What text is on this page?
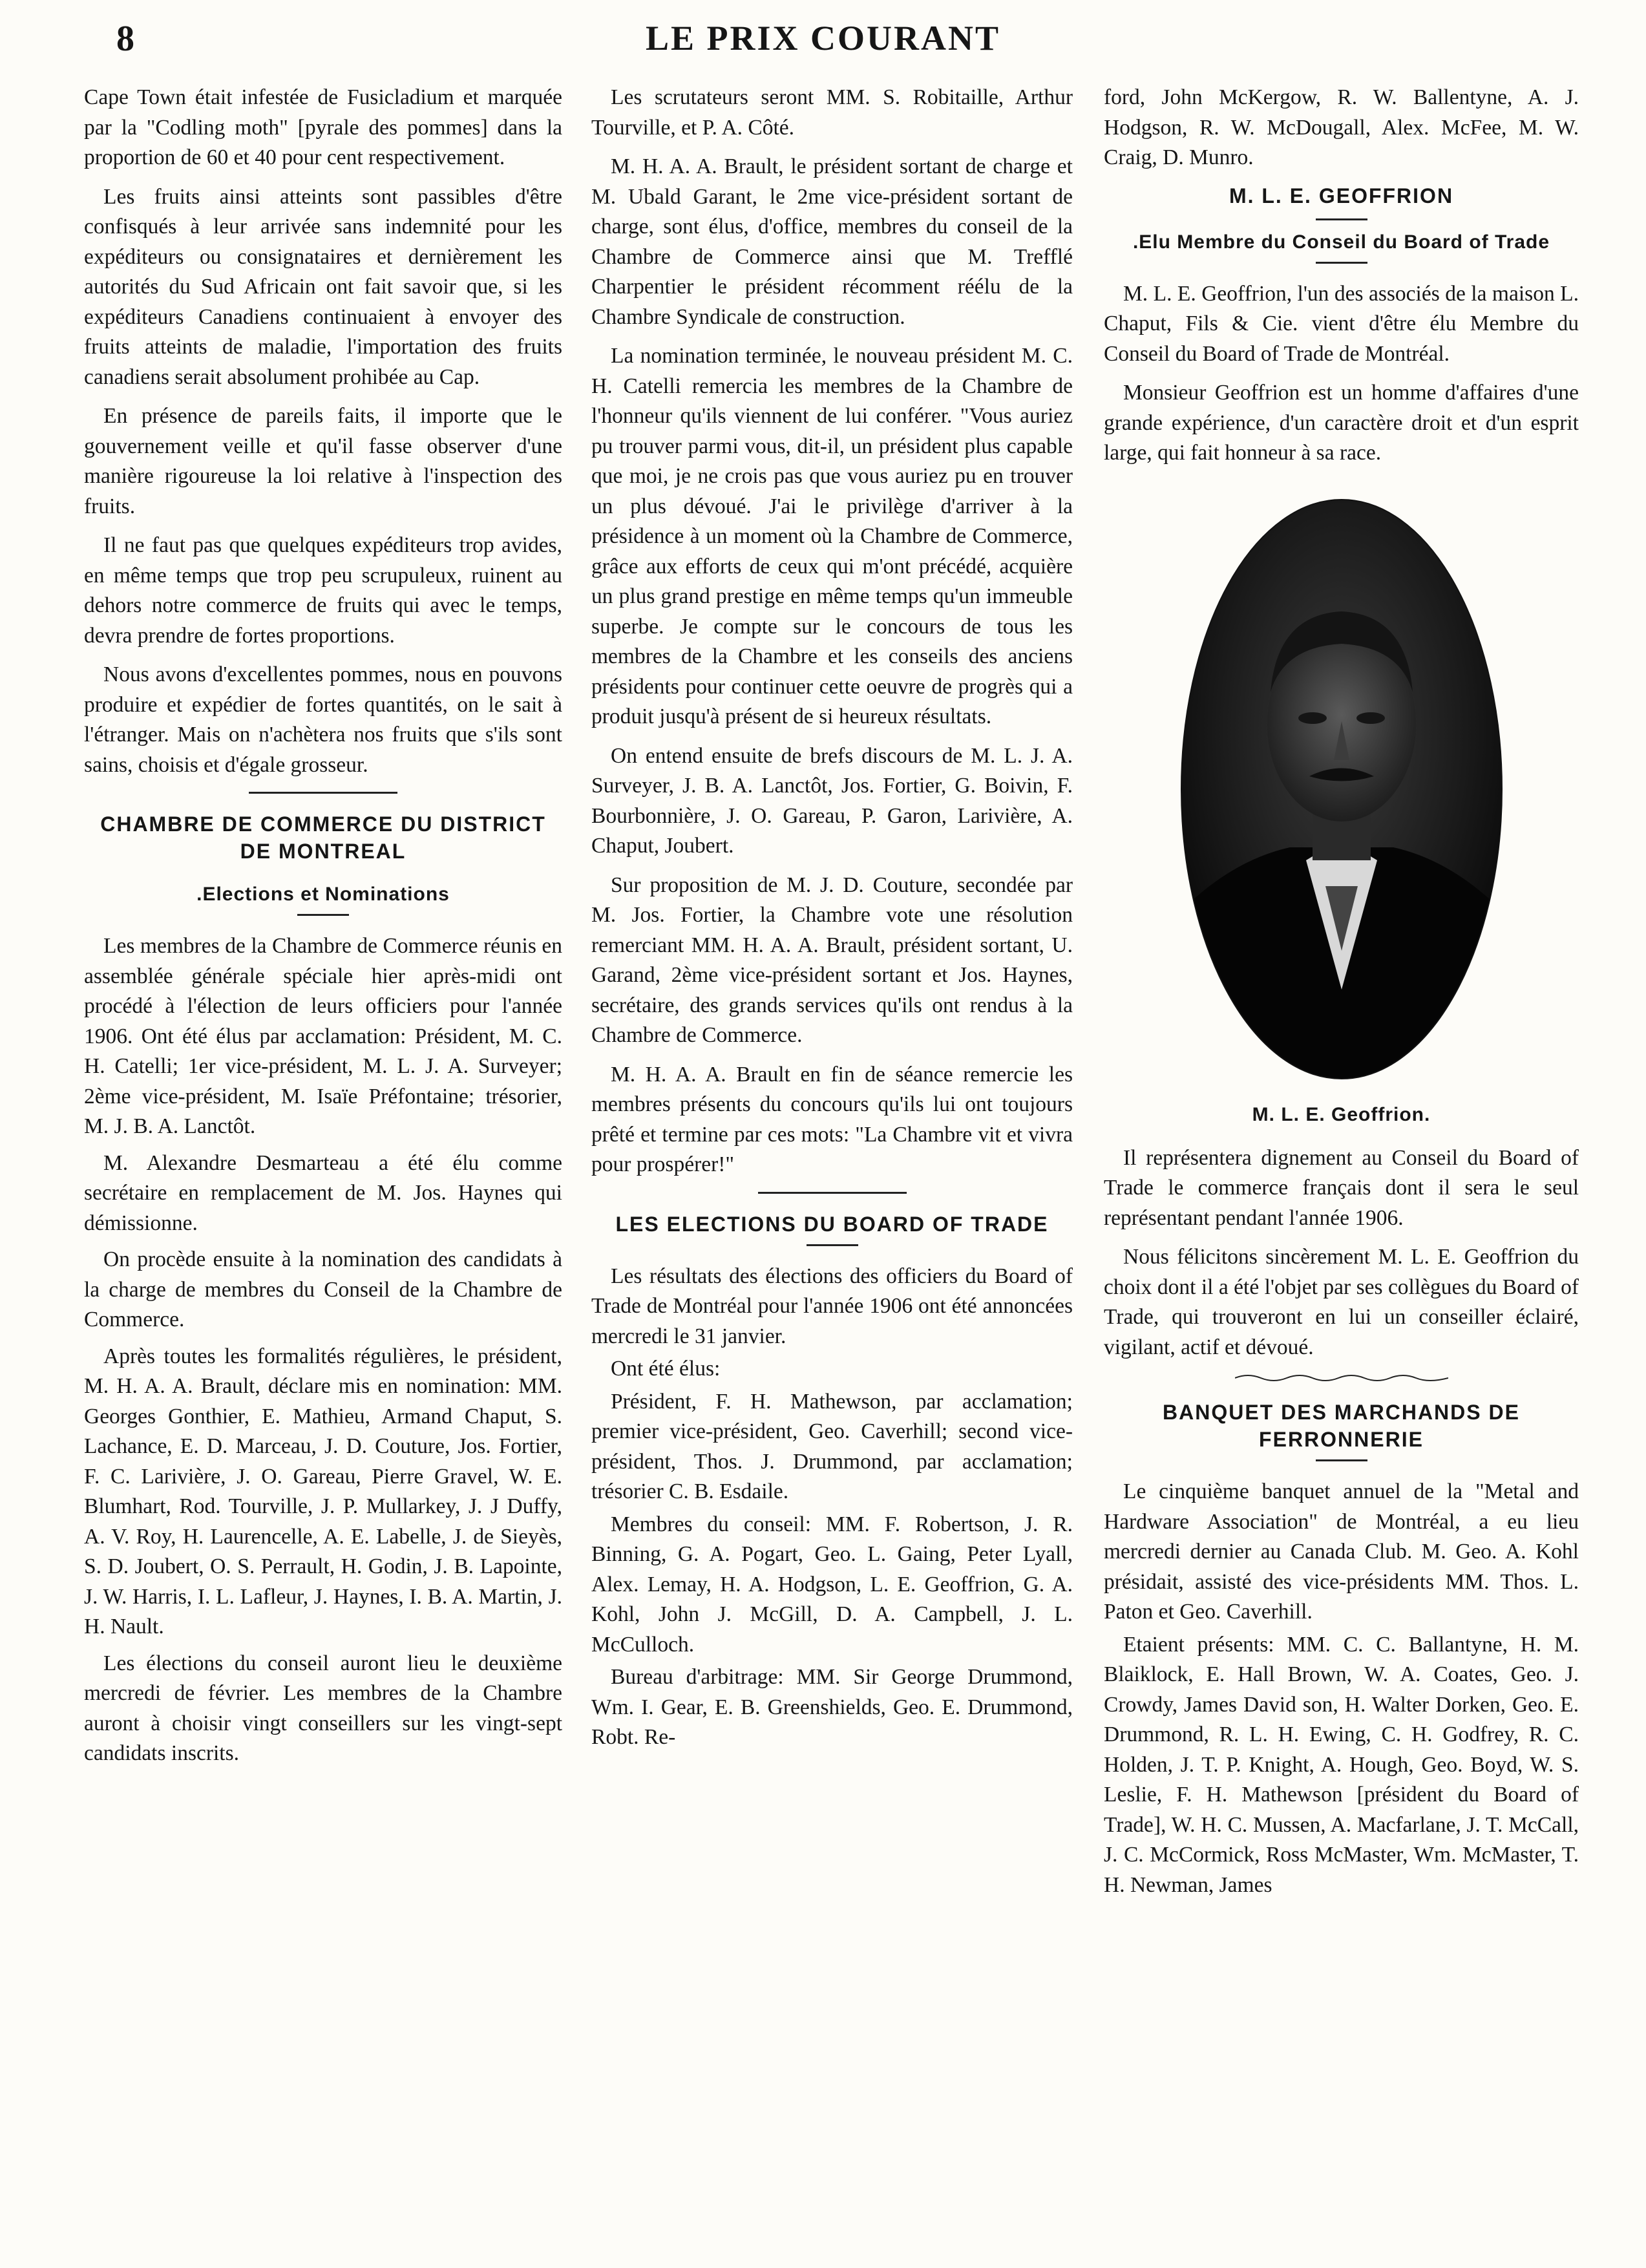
8	LE PRIX COURANT

Cape Town était infestée de Fusicladium et marquée par la "Codling moth" [pyrale des pommes] dans la proportion de 60 et 40 pour cent respectivement.

Les fruits ainsi atteints sont passibles d'être confisqués à leur arrivée sans indemnité pour les expéditeurs ou consignataires et dernièrement les autorités du Sud Africain ont fait savoir que, si les expéditeurs Canadiens continuaient à envoyer des fruits atteints de maladie, l'importation des fruits canadiens serait absolument prohibée au Cap.

En présence de pareils faits, il importe que le gouvernement veille et qu'il fasse observer d'une manière rigoureuse la loi relative à l'inspection des fruits.

Il ne faut pas que quelques expéditeurs trop avides, en même temps que trop peu scrupuleux, ruinent au dehors notre commerce de fruits qui avec le temps, devra prendre de fortes proportions.

Nous avons d'excellentes pommes, nous en pouvons produire et expédier de fortes quantités, on le sait à l'étranger. Mais on n'achètera nos fruits que s'ils sont sains, choisis et d'égale grosseur.

CHAMBRE DE COMMERCE DU DISTRICT DE MONTREAL
.Elections et Nominations

Les membres de la Chambre de Commerce réunis en assemblée générale spéciale hier après-midi ont procédé à l'élection de leurs officiers pour l'année 1906. Ont été élus par acclamation: Président, M. C. H. Catelli; 1er vice-président, M. L. J. A. Surveyer; 2ème vice-président, M. Isaïe Préfontaine; trésorier, M. J. B. A. Lanctôt.

M. Alexandre Desmarteau a été élu comme secrétaire en remplacement de M. Jos. Haynes qui démissionne.

On procède ensuite à la nomination des candidats à la charge de membres du Conseil de la Chambre de Commerce.

Après toutes les formalités régulières, le président, M. H. A. A. Brault, déclare mis en nomination: MM. Georges Gonthier, E. Mathieu, Armand Chaput, S. Lachance, E. D. Marceau, J. D. Couture, Jos. Fortier, F. C. Larivière, J. O. Gareau, Pierre Gravel, W. E. Blumhart, Rod. Tourville, J. P. Mullarkey, J. J Duffy, A. V. Roy, H. Laurencelle, A. E. Labelle, J. de Sieyès, S. D. Joubert, O. S. Perrault, H. Godin, J. B. Lapointe, J. W. Harris, I. L. Lafleur, J. Haynes, I. B. A. Martin, J. H. Nault.

Les élections du conseil auront lieu le deuxième mercredi de février. Les membres de la Chambre auront à choisir vingt conseillers sur les vingt-sept candidats inscrits.

Les scrutateurs seront MM. S. Robitaille, Arthur Tourville, et P. A. Côté.

M. H. A. A. Brault, le président sortant de charge et M. Ubald Garant, le 2me vice-président sortant de charge, sont élus, d'office, membres du conseil de la Chambre de Commerce ainsi que M. Trefflé Charpentier le président récomment réélu de la Chambre Syndicale de construction.

La nomination terminée, le nouveau président M. C. H. Catelli remercia les membres de la Chambre de l'honneur qu'ils viennent de lui conférer. "Vous auriez pu trouver parmi vous, dit-il, un président plus capable que moi, je ne crois pas que vous auriez pu en trouver un plus dévoué. J'ai le privilège d'arriver à la présidence à un moment où la Chambre de Commerce, grâce aux efforts de ceux qui m'ont précédé, acquière un plus grand prestige en même temps qu'un immeuble superbe. Je compte sur le concours de tous les membres de la Chambre et les conseils des anciens présidents pour continuer cette oeuvre de progrès qui a produit jusqu'à présent de si heureux résultats.

On entend ensuite de brefs discours de M. L. J. A. Surveyer, J. B. A. Lanctôt, Jos. Fortier, G. Boivin, F. Bourbonnière, J. O. Gareau, P. Garon, Larivière, A. Chaput, Joubert.

Sur proposition de M. J. D. Couture, secondée par M. Jos. Fortier, la Chambre vote une résolution remerciant MM. H. A. A. Brault, président sortant, U. Garand, 2ème vice-président sortant et Jos. Haynes, secrétaire, des grands services qu'ils ont rendus à la Chambre de Commerce.

M. H. A. A. Brault en fin de séance remercie les membres présents du concours qu'ils lui ont toujours prêté et termine par ces mots: "La Chambre vit et vivra pour prospérer!"

LES ELECTIONS DU BOARD OF TRADE

Les résultats des élections des officiers du Board of Trade de Montréal pour l'année 1906 ont été annoncées mercredi le 31 janvier.

Ont été élus:

Président, F. H. Mathewson, par acclamation; premier vice-président, Geo. Caverhill; second vice-président, Thos. J. Drummond, par acclamation; trésorier C. B. Esdaile.

Membres du conseil: MM. F. Robertson, J. R. Binning, G. A. Pogart, Geo. L. Gaing, Peter Lyall, Alex. Lemay, H. A. Hodgson, L. E. Geoffrion, G. A. Kohl, John J. McGill, D. A. Campbell, J. L. McCulloch.

Bureau d'arbitrage: MM. Sir George Drummond, Wm. I. Gear, E. B. Greenshields, Geo. E. Drummond, Robt. Re-

ford, John McKergow, R. W. Ballentyne, A. J. Hodgson, R. W. McDougall, Alex. McFee, M. W. Craig, D. Munro.

M. L. E. GEOFFRION
.Elu Membre du Conseil du Board of Trade

M. L. E. Geoffrion, l'un des associés de la maison L. Chaput, Fils & Cie. vient d'être élu Membre du Conseil du Board of Trade de Montréal.

Monsieur Geoffrion est un homme d'affaires d'une grande expérience, d'un caractère droit et d'un esprit large, qui fait honneur à sa race.

M. L. E. Geoffrion.

Il représentera dignement au Conseil du Board of Trade le commerce français dont il sera le seul représentant pendant l'année 1906.

Nous félicitons sincèrement M. L. E. Geoffrion du choix dont il a été l'objet par ses collègues du Board of Trade, qui trouveront en lui un conseiller éclairé, vigilant, actif et dévoué.

BANQUET DES MARCHANDS DE FERRONNERIE

Le cinquième banquet annuel de la "Metal and Hardware Association" de Montréal, a eu lieu mercredi dernier au Canada Club. M. Geo. A. Kohl présidait, assisté des vice-présidents MM. Thos. L. Paton et Geo. Caverhill.

Etaient présents: MM. C. C. Ballantyne, H. M. Blaiklock, E. Hall Brown, W. A. Coates, Geo. J. Crowdy, James David son, H. Walter Dorken, Geo. E. Drummond, R. L. H. Ewing, C. H. Godfrey, R. C. Holden, J. T. P. Knight, A. Hough, Geo. Boyd, W. S. Leslie, F. H. Mathewson [président du Board of Trade], W. H. C. Mussen, A. Macfarlane, J. T. McCall, J. C. McCormick, Ross McMaster, Wm. McMaster, T. H. Newman, James
